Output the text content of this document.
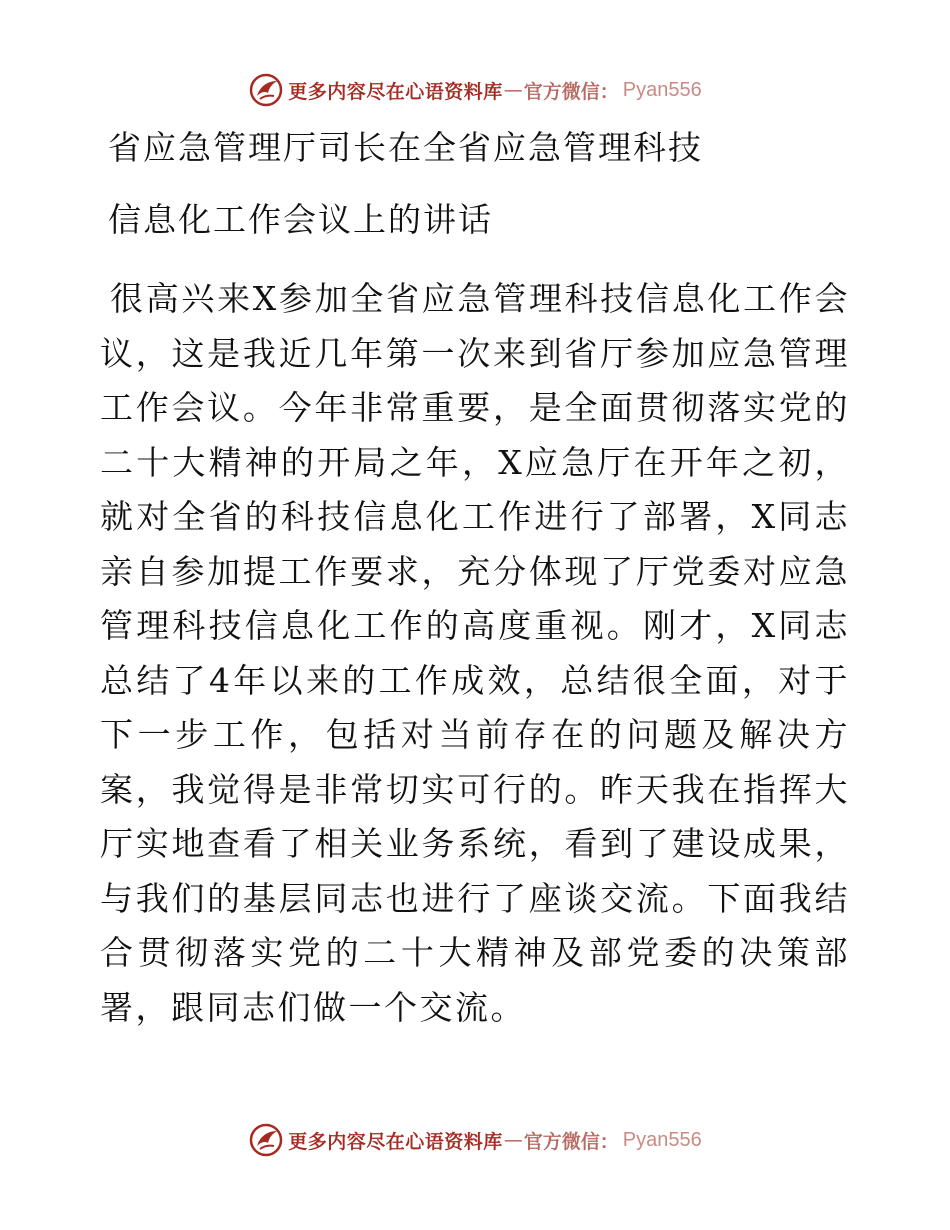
更多内容尽在心语资料库 — 官方微信： Pyan556
省应急管理厅司长在全省应急管理科技
信息化工作会议上的讲话

很高兴来X参加全省应急管理科技信息化工作会议，这是我近几年第一次来到省厅参加应急管理工作会议。今年非常重要，是全面贯彻落实党的二十大精神的开局之年，X应急厅在开年之初，就对全省的科技信息化工作进行了部署，X同志亲自参加提工作要求，充分体现了厅党委对应急管理科技信息化工作的高度重视。刚才，X同志总结了4年以来的工作成效，总结很全面，对于下一步工作，包括对当前存在的问题及解决方案，我觉得是非常切实可行的。昨天我在指挥大厅实地查看了相关业务系统，看到了建设成果，与我们的基层同志也进行了座谈交流。下面我结合贯彻落实党的二十大精神及部党委的决策部署，跟同志们做一个交流。

更多内容尽在心语资料库 — 官方微信： Pyan556
